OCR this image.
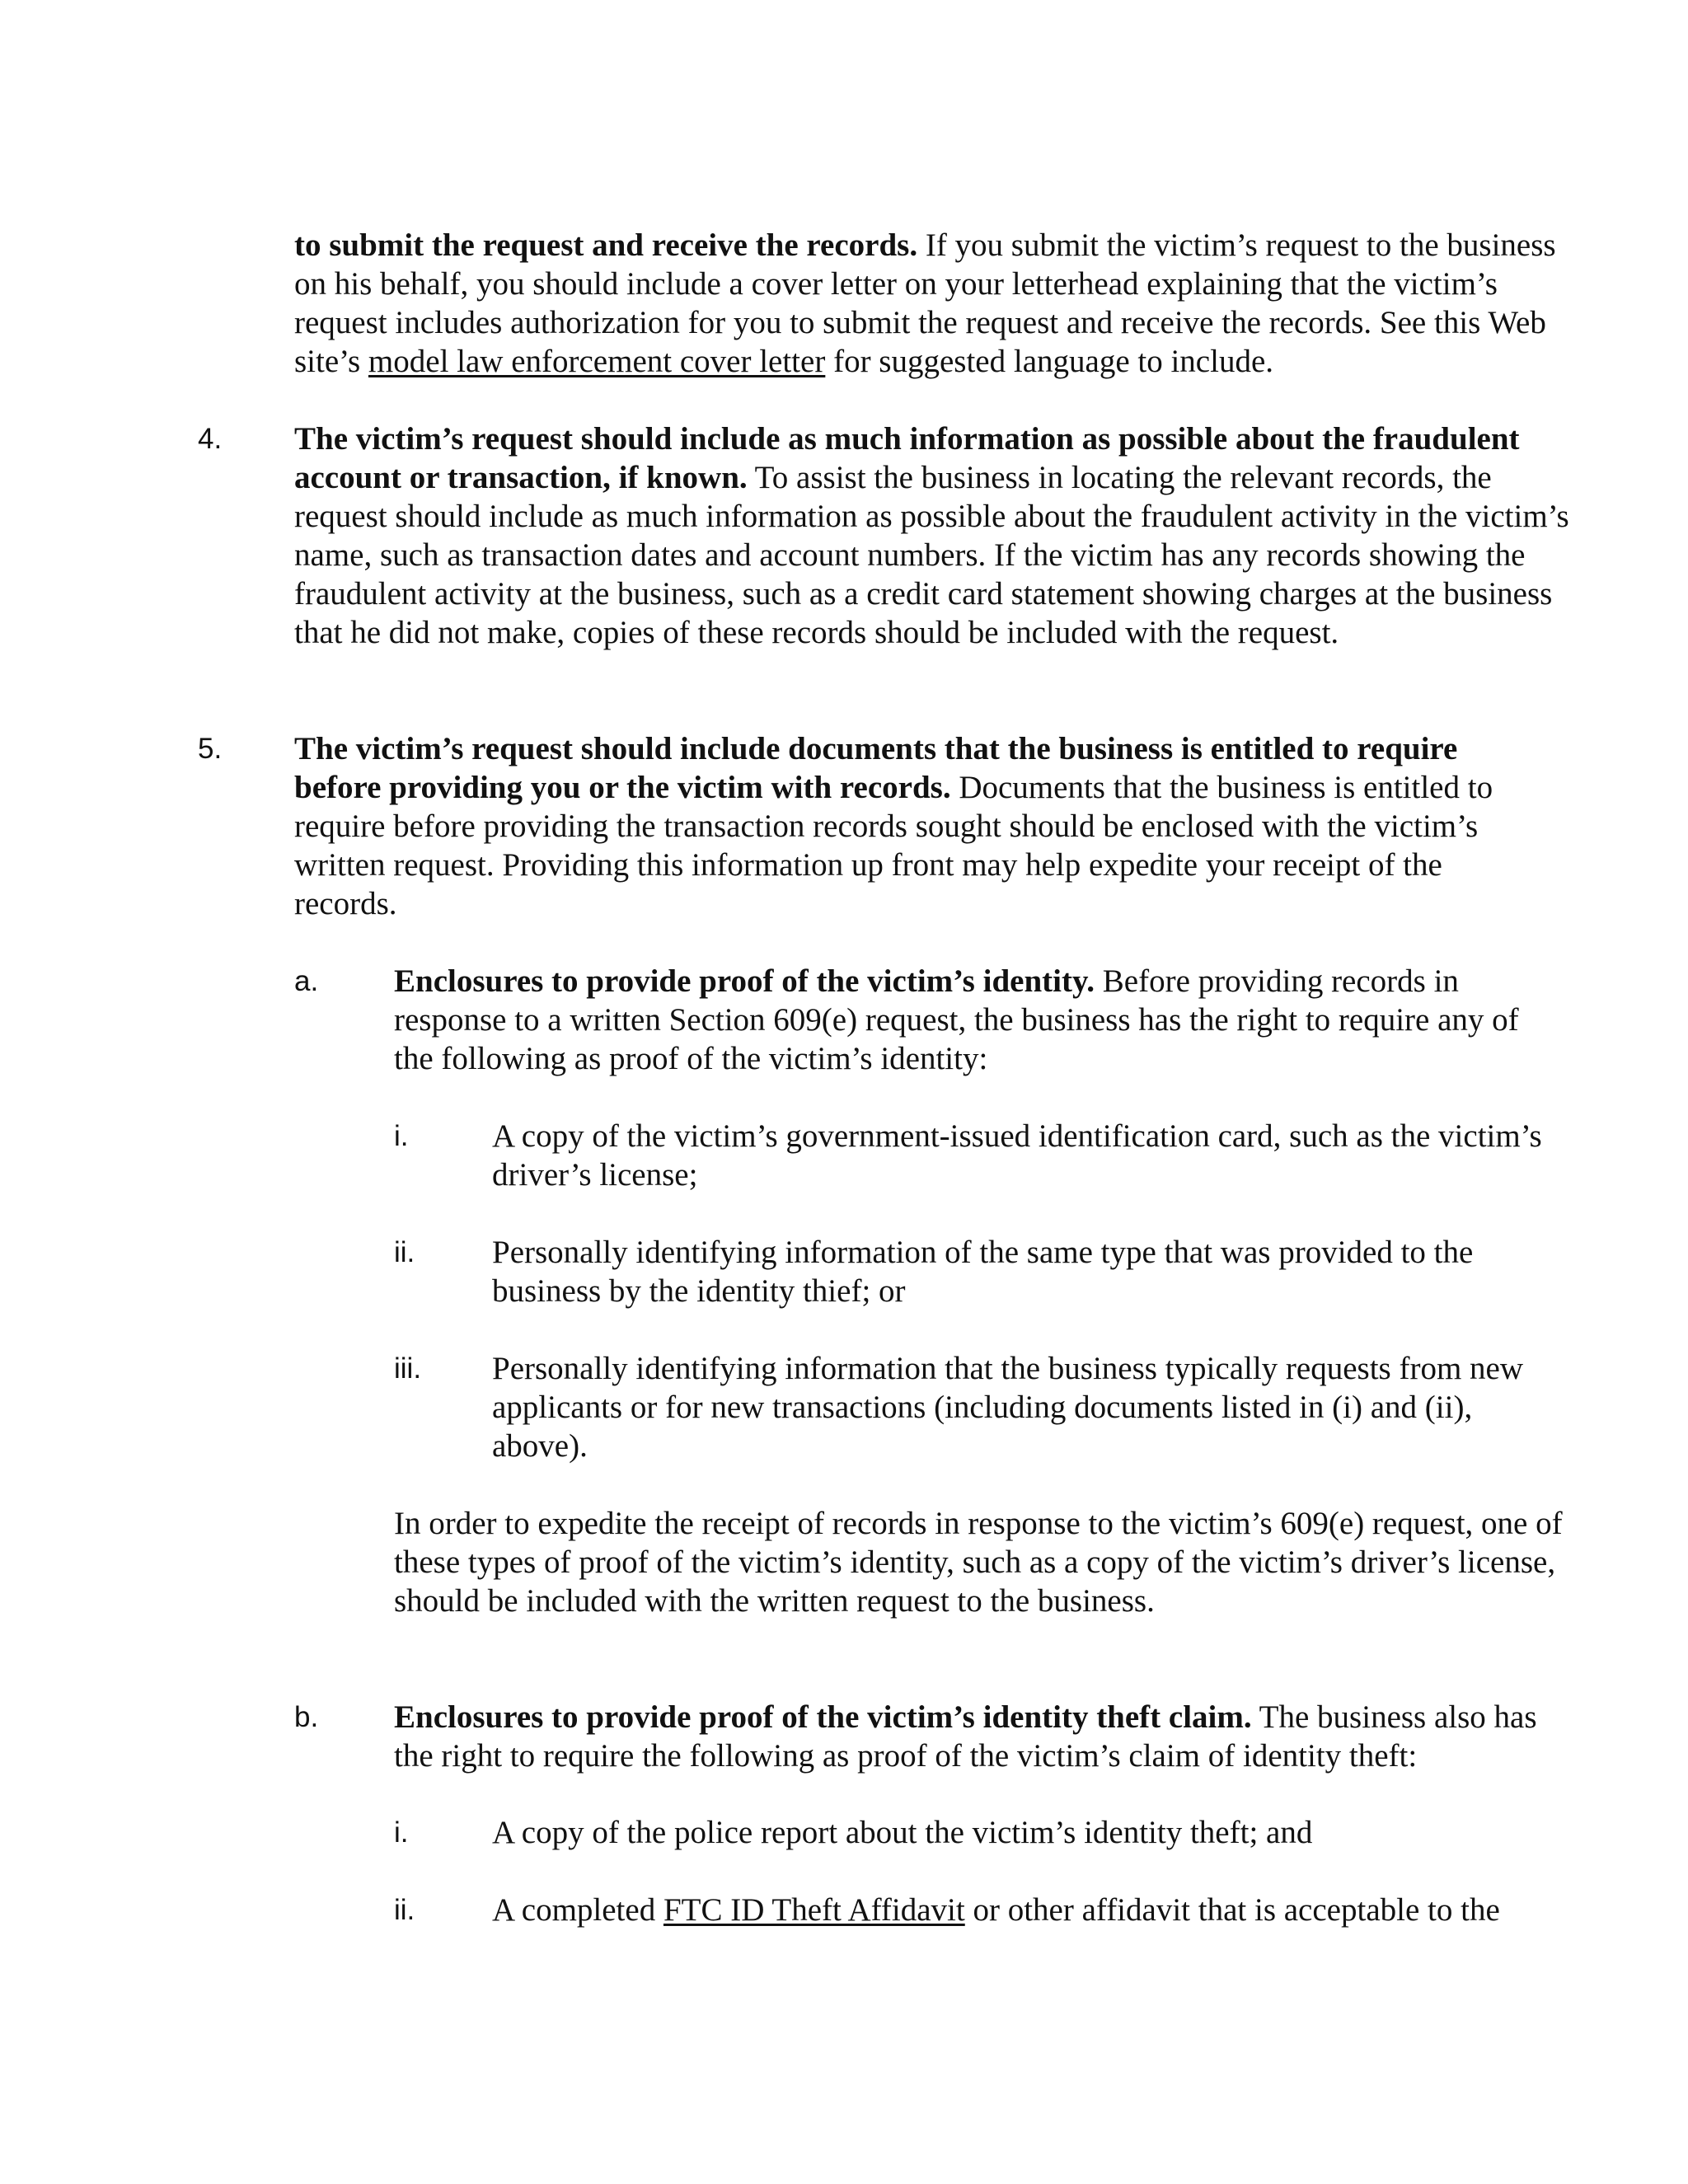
to submit the request and receive the records. If you submit the victim’s request to the business on his behalf, you should include a cover letter on your letterhead explaining that the victim’s request includes authorization for you to submit the request and receive the records. See this Web site’s model law enforcement cover letter for suggested language to include.

4. The victim’s request should include as much information as possible about the fraudulent account or transaction, if known. To assist the business in locating the relevant records, the request should include as much information as possible about the fraudulent activity in the victim’s name, such as transaction dates and account numbers. If the victim has any records showing the fraudulent activity at the business, such as a credit card statement showing charges at the business that he did not make, copies of these records should be included with the request.

5. The victim’s request should include documents that the business is entitled to require before providing you or the victim with records. Documents that the business is entitled to require before providing the transaction records sought should be enclosed with the victim’s written request. Providing this information up front may help expedite your receipt of the records.

a. Enclosures to provide proof of the victim’s identity. Before providing records in response to a written Section 609(e) request, the business has the right to require any of the following as proof of the victim’s identity:

i.	A copy of the victim’s government-issued identification card, such as the victim’s driver’s license;

ii. Personally identifying information of the same type that was provided to the business by the identity thief; or

iii. Personally identifying information that the business typically requests from new applicants or for new transactions (including documents listed in (i) and (ii), above).

In order to expedite the receipt of records in response to the victim’s 609(e) request, one of these types of proof of the victim’s identity, such as a copy of the victim’s driver’s license, should be included with the written request to the business.

b. Enclosures to provide proof of the victim’s identity theft claim. The business also has the right to require the following as proof of the victim’s claim of identity theft:

i.	A copy of the police report about the victim’s identity theft; and

ii. A completed FTC ID Theft Affidavit or other affidavit that is acceptable to the
